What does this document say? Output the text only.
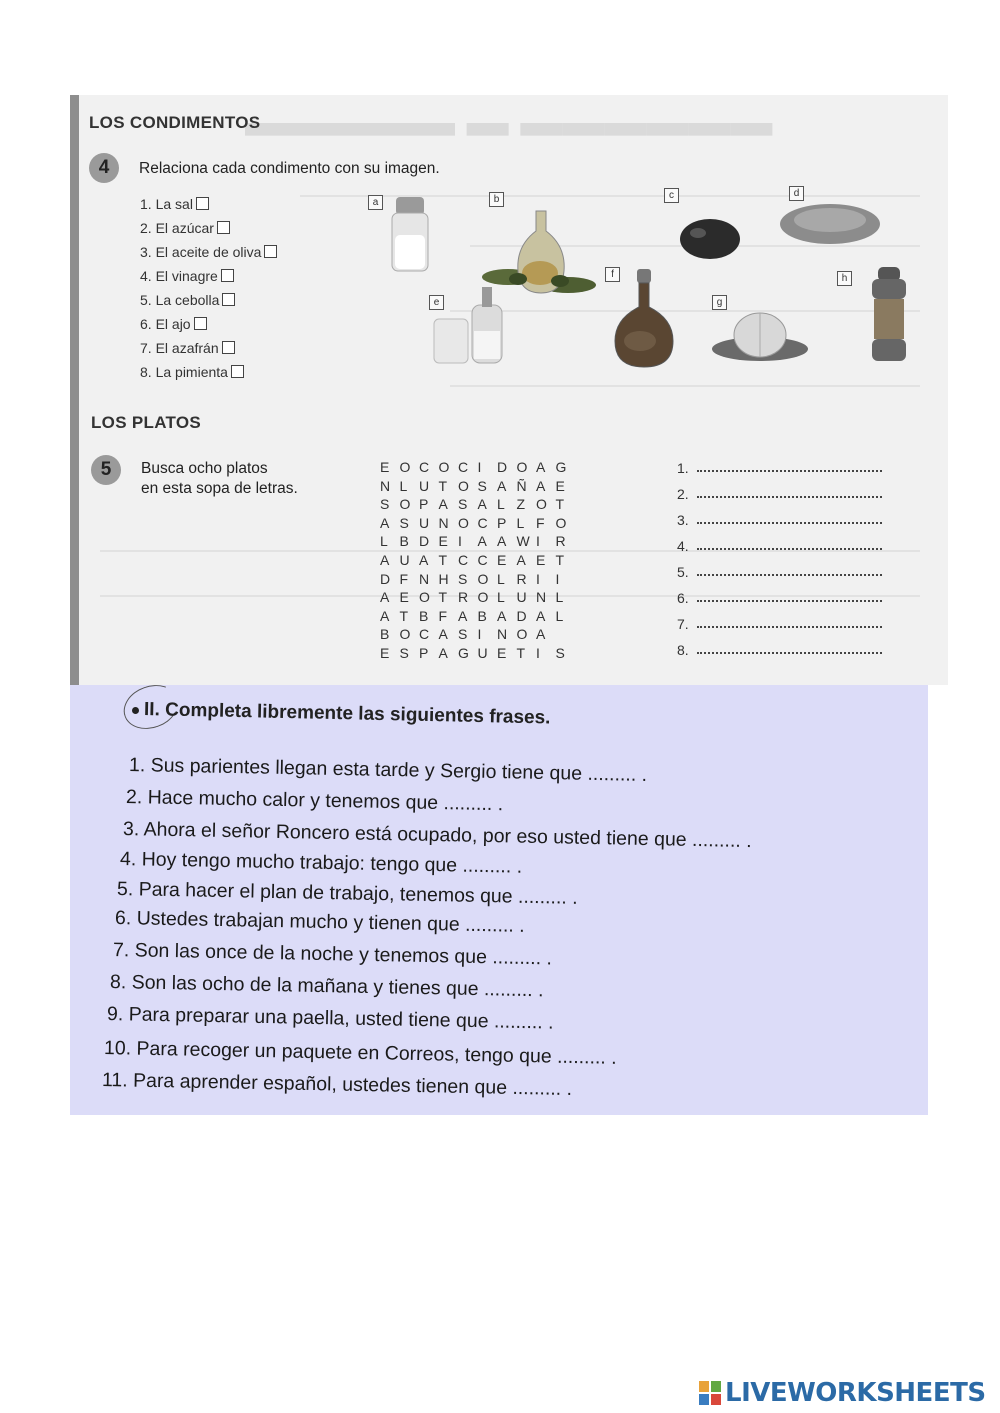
▬▬▬▬▬ ▬ ▬▬▬▬▬▬
LOS CONDIMENTOS
4	Relaciona cada condimento con su imagen.
1. La sal
2. El azúcar
3. El aceite de oliva
4. El vinagre
5. La cebolla
6. El ajo
7. El azafrán
8. La pimienta
a	b	c	d
e
f
g
h
LOS PLATOS
5	Busca ocho platos
en esta sopa de letras.
E O C O C I D O A G
N L U T O S A Ñ A E
S O P A S A L Z O T
A S U N O C P L F O
L B D E I A A W I R
A U A T C C E A E T
D F N H S O L R I I
A E O T R O L U N L
A T B F A B A D A L
B O C A S I N O A
E S P A G U E T I S
1.
2.
3.
4.
5.
6.
7.
8.
II. Completa libremente las siguientes frases.
1. Sus parientes llegan esta tarde y Sergio tiene que ......... .
2. Hace mucho calor y tenemos que ......... .
3. Ahora el señor Roncero está ocupado, por eso usted tiene que ......... .
4. Hoy tengo mucho trabajo: tengo que ......... .
5. Para hacer el plan de trabajo, tenemos que ......... .
6. Ustedes trabajan mucho y tienen que ......... .
7. Son las once de la noche y tenemos que ......... .
8. Son las ocho de la mañana y tienes que ......... .
9. Para preparar una paella, usted tiene que ......... .
10. Para recoger un paquete en Correos, tengo que ......... .
11. Para aprender español, ustedes tienen que ......... .
LIVEWORKSHEETS
